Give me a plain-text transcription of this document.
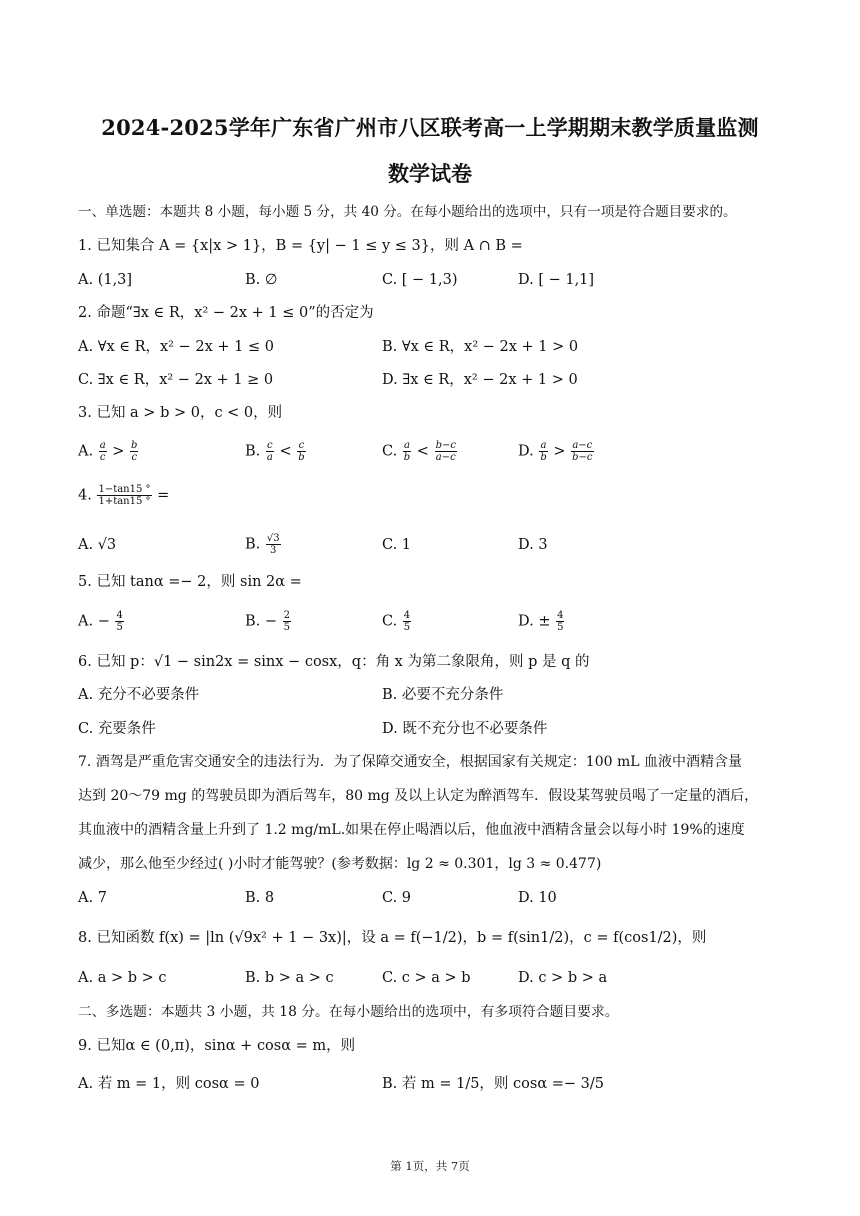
2024-2025学年广东省广州市八区联考高一上学期期末教学质量监测
数学试卷
一、单选题：本题共 8 小题，每小题 5 分，共 40 分。在每小题给出的选项中，只有一项是符合题目要求的。
1. 已知集合 A = {x|x > 1}，B = {y| − 1 ≤ y ≤ 3}，则 A ∩ B =
A. (1,3]	B. ∅	C. [ − 1,3)	D. [ − 1,1]
2. 命题“∃x ∈ R，x² − 2x + 1 ≤ 0”的否定为
A. ∀x ∈ R，x² − 2x + 1 ≤ 0	B. ∀x ∈ R，x² − 2x + 1 > 0
C. ∃x ∈ R，x² − 2x + 1 ≥ 0	D. ∃x ∈ R，x² − 2x + 1 > 0
3. 已知 a > b > 0，c < 0，则
A. $\frac{a}{c} > \frac{b}{c}$	B. $\frac{c}{a} < \frac{c}{b}$	C. $\frac{a}{b} < \frac{b-c}{a-c}$	D. $\frac{a}{b} > \frac{a-c}{b-c}$
4. $\frac{1-\tan 15 ^\circ}{1+\tan 15 ^\circ}$ =
A. √3	B. $\frac{√3}{3}$	C. 1	D. 3
5. 已知 tanα =− 2，则 sin 2α =
A. − $\frac{4}{5}$	B. − $\frac{2}{5}$	C. $\frac{4}{5}$	D. ± $\frac{4}{5}$
6. 已知 p：√1 − sin2x = sinx − cosx，q：角 x 为第二象限角，则 p 是 q 的
A. 充分不必要条件	B. 必要不充分条件
C. 充要条件	D. 既不充分也不必要条件
7. 酒驾是严重危害交通安全的违法行为．为了保障交通安全，根据国家有关规定：100 mL 血液中酒精含量
达到 20～79 mg 的驾驶员即为酒后驾车，80 mg 及以上认定为醉酒驾车．假设某驾驶员喝了一定量的酒后，
其血液中的酒精含量上升到了 1.2 mg/mL.如果在停止喝酒以后，他血液中酒精含量会以每小时 19%的速度
减少，那么他至少经过( )小时才能驾驶？(参考数据：lg 2 ≈ 0.301，lg 3 ≈ 0.477)
A. 7	B. 8	C. 9	D. 10
8. 已知函数 f(x) = |ln (√9x² + 1 − 3x)|，设 a = f(−1/2)，b = f(sin1/2)，c = f(cos1/2)，则
A. a > b > c	B. b > a > c	C. c > a > b	D. c > b > a
二、多选题：本题共 3 小题，共 18 分。在每小题给出的选项中，有多项符合题目要求。
9. 已知α ∈ (0,π)，sinα + cosα = m，则
A. 若 m = 1，则 cosα = 0	B. 若 m = 1/5，则 cosα =− 3/5
第 1页，共 7页
